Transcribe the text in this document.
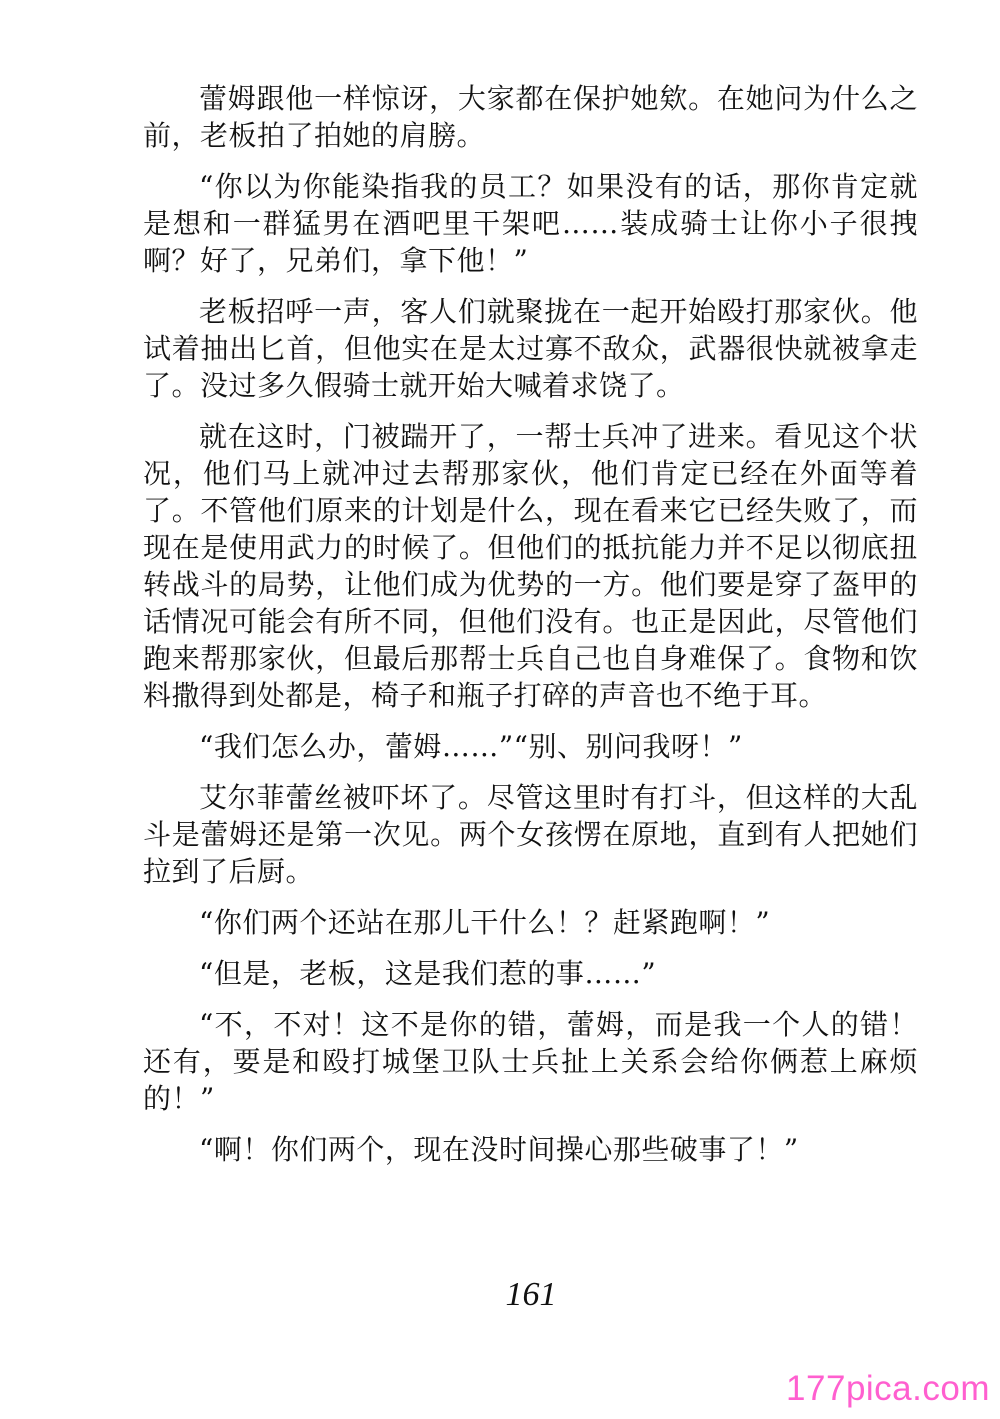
蕾姆跟他一样惊讶，大家都在保护她欸。在她问为什么之前，老板拍了拍她的肩膀。

“你以为你能染指我的员工？如果没有的话，那你肯定就是想和一群猛男在酒吧里干架吧……装成骑士让你小子很拽啊？好了，兄弟们，拿下他！”

老板招呼一声，客人们就聚拢在一起开始殴打那家伙。他试着抽出匕首，但他实在是太过寡不敌众，武器很快就被拿走了。没过多久假骑士就开始大喊着求饶了。

就在这时，门被踹开了，一帮士兵冲了进来。看见这个状况，他们马上就冲过去帮那家伙，他们肯定已经在外面等着了。不管他们原来的计划是什么，现在看来它已经失败了，而现在是使用武力的时候了。但他们的抵抗能力并不足以彻底扭转战斗的局势，让他们成为优势的一方。他们要是穿了盔甲的话情况可能会有所不同，但他们没有。也正是因此，尽管他们跑来帮那家伙，但最后那帮士兵自己也自身难保了。食物和饮料撒得到处都是，椅子和瓶子打碎的声音也不绝于耳。

“我们怎么办，蕾姆……”“别、别问我呀！”

艾尔菲蕾丝被吓坏了。尽管这里时有打斗，但这样的大乱斗是蕾姆还是第一次见。两个女孩愣在原地，直到有人把她们拉到了后厨。

“你们两个还站在那儿干什么！？赶紧跑啊！”

“但是，老板，这是我们惹的事……”

“不，不对！这不是你的错，蕾姆，而是我一个人的错！还有，要是和殴打城堡卫队士兵扯上关系会给你俩惹上麻烦的！”

“啊！你们两个，现在没时间操心那些破事了！”

161
177pica.com
